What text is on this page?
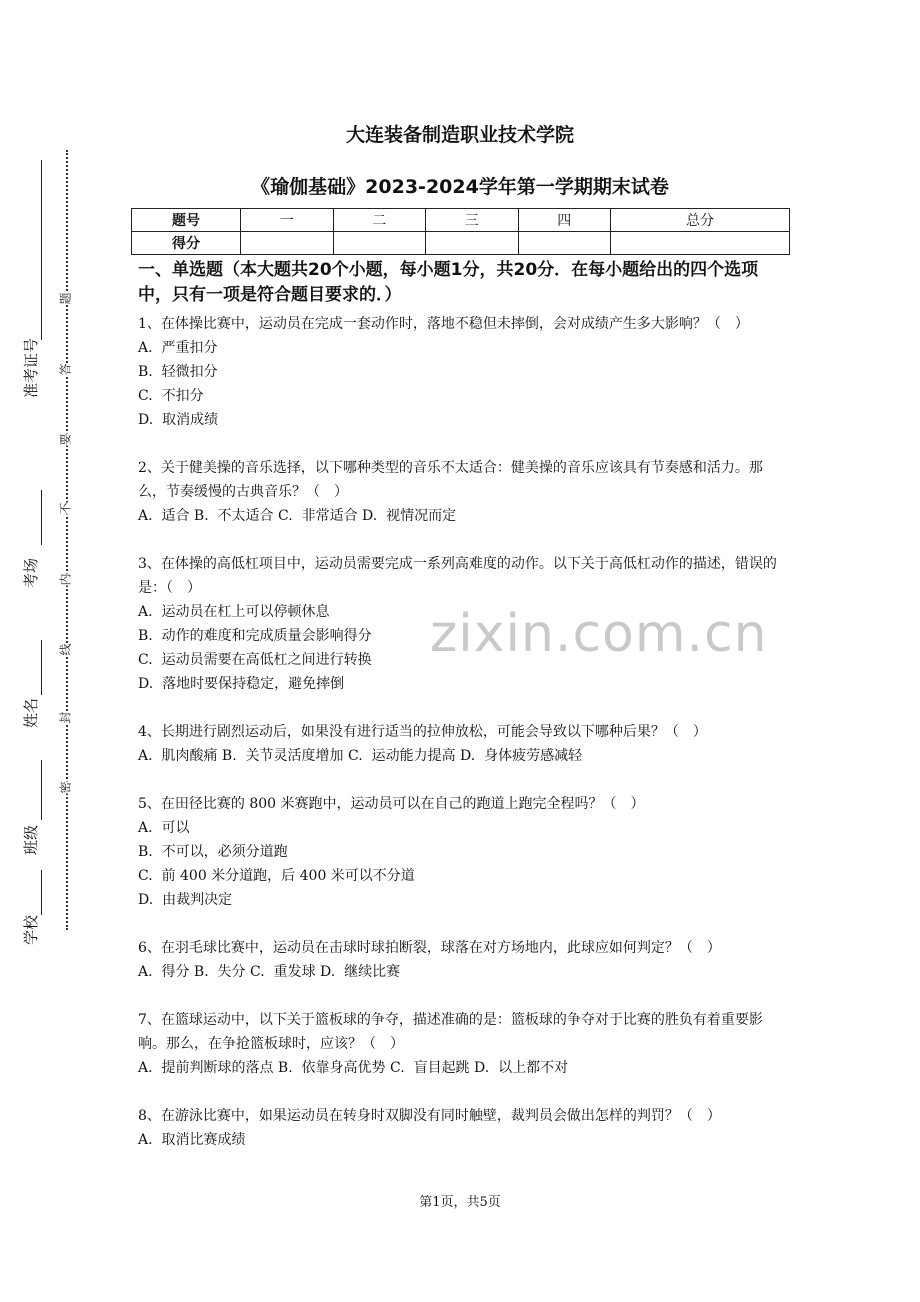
准考证号
考场
姓名
班级
学校
题
答
要
不
内
线
封
密
大连装备制造职业技术学院
《瑜伽基础》2023-2024学年第一学期期末试卷
题号	一	二	三	四	总分
得分					
一、单选题（本大题共20个小题，每小题1分，共20分．在每小题给出的四个选项中，只有一项是符合题目要求的．）
1、在体操比赛中，运动员在完成一套动作时，落地不稳但未摔倒，会对成绩产生多大影响？（　）
A.  严重扣分
B.  轻微扣分
C.  不扣分
D.  取消成绩
2、关于健美操的音乐选择，以下哪种类型的音乐不太适合：健美操的音乐应该具有节奏感和活力。那么，节奏缓慢的古典音乐？（　）
A.  适合 B.  不太适合 C.  非常适合 D.  视情况而定
3、在体操的高低杠项目中，运动员需要完成一系列高难度的动作。以下关于高低杠动作的描述，错误的是：（　）
A.  运动员在杠上可以停顿休息
B.  动作的难度和完成质量会影响得分
C.  运动员需要在高低杠之间进行转换
D.  落地时要保持稳定，避免摔倒
4、长期进行剧烈运动后，如果没有进行适当的拉伸放松，可能会导致以下哪种后果？（　）
A.  肌肉酸痛 B.  关节灵活度增加 C.  运动能力提高 D.  身体疲劳感减轻
5、在田径比赛的 800 米赛跑中，运动员可以在自己的跑道上跑完全程吗？（　）
A.  可以
B.  不可以，必须分道跑
C.  前 400 米分道跑，后 400 米可以不分道
D.  由裁判决定
6、在羽毛球比赛中，运动员在击球时球拍断裂，球落在对方场地内，此球应如何判定？（　）
A.  得分 B.  失分 C.  重发球 D.  继续比赛
7、在篮球运动中，以下关于篮板球的争夺，描述准确的是：篮板球的争夺对于比赛的胜负有着重要影响。那么，在争抢篮板球时，应该？（　）
A.  提前判断球的落点 B.  依靠身高优势 C.  盲目起跳 D.  以上都不对
8、在游泳比赛中，如果运动员在转身时双脚没有同时触壁，裁判员会做出怎样的判罚？（　）
A.  取消比赛成绩
zixin.com.cn
第1页，共5页
